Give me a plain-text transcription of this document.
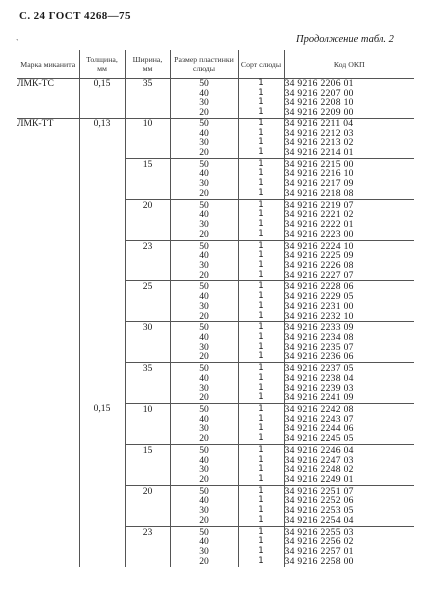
С. 24 ГОСТ 4268—75
`	Продолжение табл. 2
Марка миканита	Толщина, мм	Ширина, мм	Размер пластинки слюды	Сорт слюды	Код ОКП
ЛМК-ТС	0,15	35	50	1	34 9216 2206 01
			40	1	34 9216 2207 00
			30	1	34 9216 2208 10
			20	1	34 9216 2209 00
ЛМК-ТТ	0,13	10	50	1	34 9216 2211 04
			40	1	34 9216 2212 03
			30	1	34 9216 2213 02
			20	1	34 9216 2214 01
		15	50	1	34 9216 2215 00
			40	1	34 9216 2216 10
			30	1	34 9216 2217 09
			20	1	34 9216 2218 08
		20	50	1	34 9216 2219 07
			40	1	34 9216 2221 02
			30	1	34 9216 2222 01
			20	1	34 9216 2223 00
		23	50	1	34 9216 2224 10
			40	1	34 9216 2225 09
			30	1	34 9216 2226 08
			20	1	34 9216 2227 07
		25	50	1	34 9216 2228 06
			40	1	34 9216 2229 05
			30	1	34 9216 2231 00
			20	1	34 9216 2232 10
		30	50	1	34 9216 2233 09
			40	1	34 9216 2234 08
			30	1	34 9216 2235 07
			20	1	34 9216 2236 06
		35	50	1	34 9216 2237 05
			40	1	34 9216 2238 04
			30	1	34 9216 2239 03
			20	1	34 9216 2241 09
	0,15	10	50	1	34 9216 2242 08
			40	1	34 9216 2243 07
			30	1	34 9216 2244 06
			20	1	34 9216 2245 05
		15	50	1	34 9216 2246 04
			40	1	34 9216 2247 03
			30	1	34 9216 2248 02
			20	1	34 9216 2249 01
		20	50	1	34 9216 2251 07
			40	1	34 9216 2252 06
			30	1	34 9216 2253 05
			20	1	34 9216 2254 04
		23	50	1	34 9216 2255 03
			40	1	34 9216 2256 02
			30	1	34 9216 2257 01
			20	1	34 9216 2258 00
